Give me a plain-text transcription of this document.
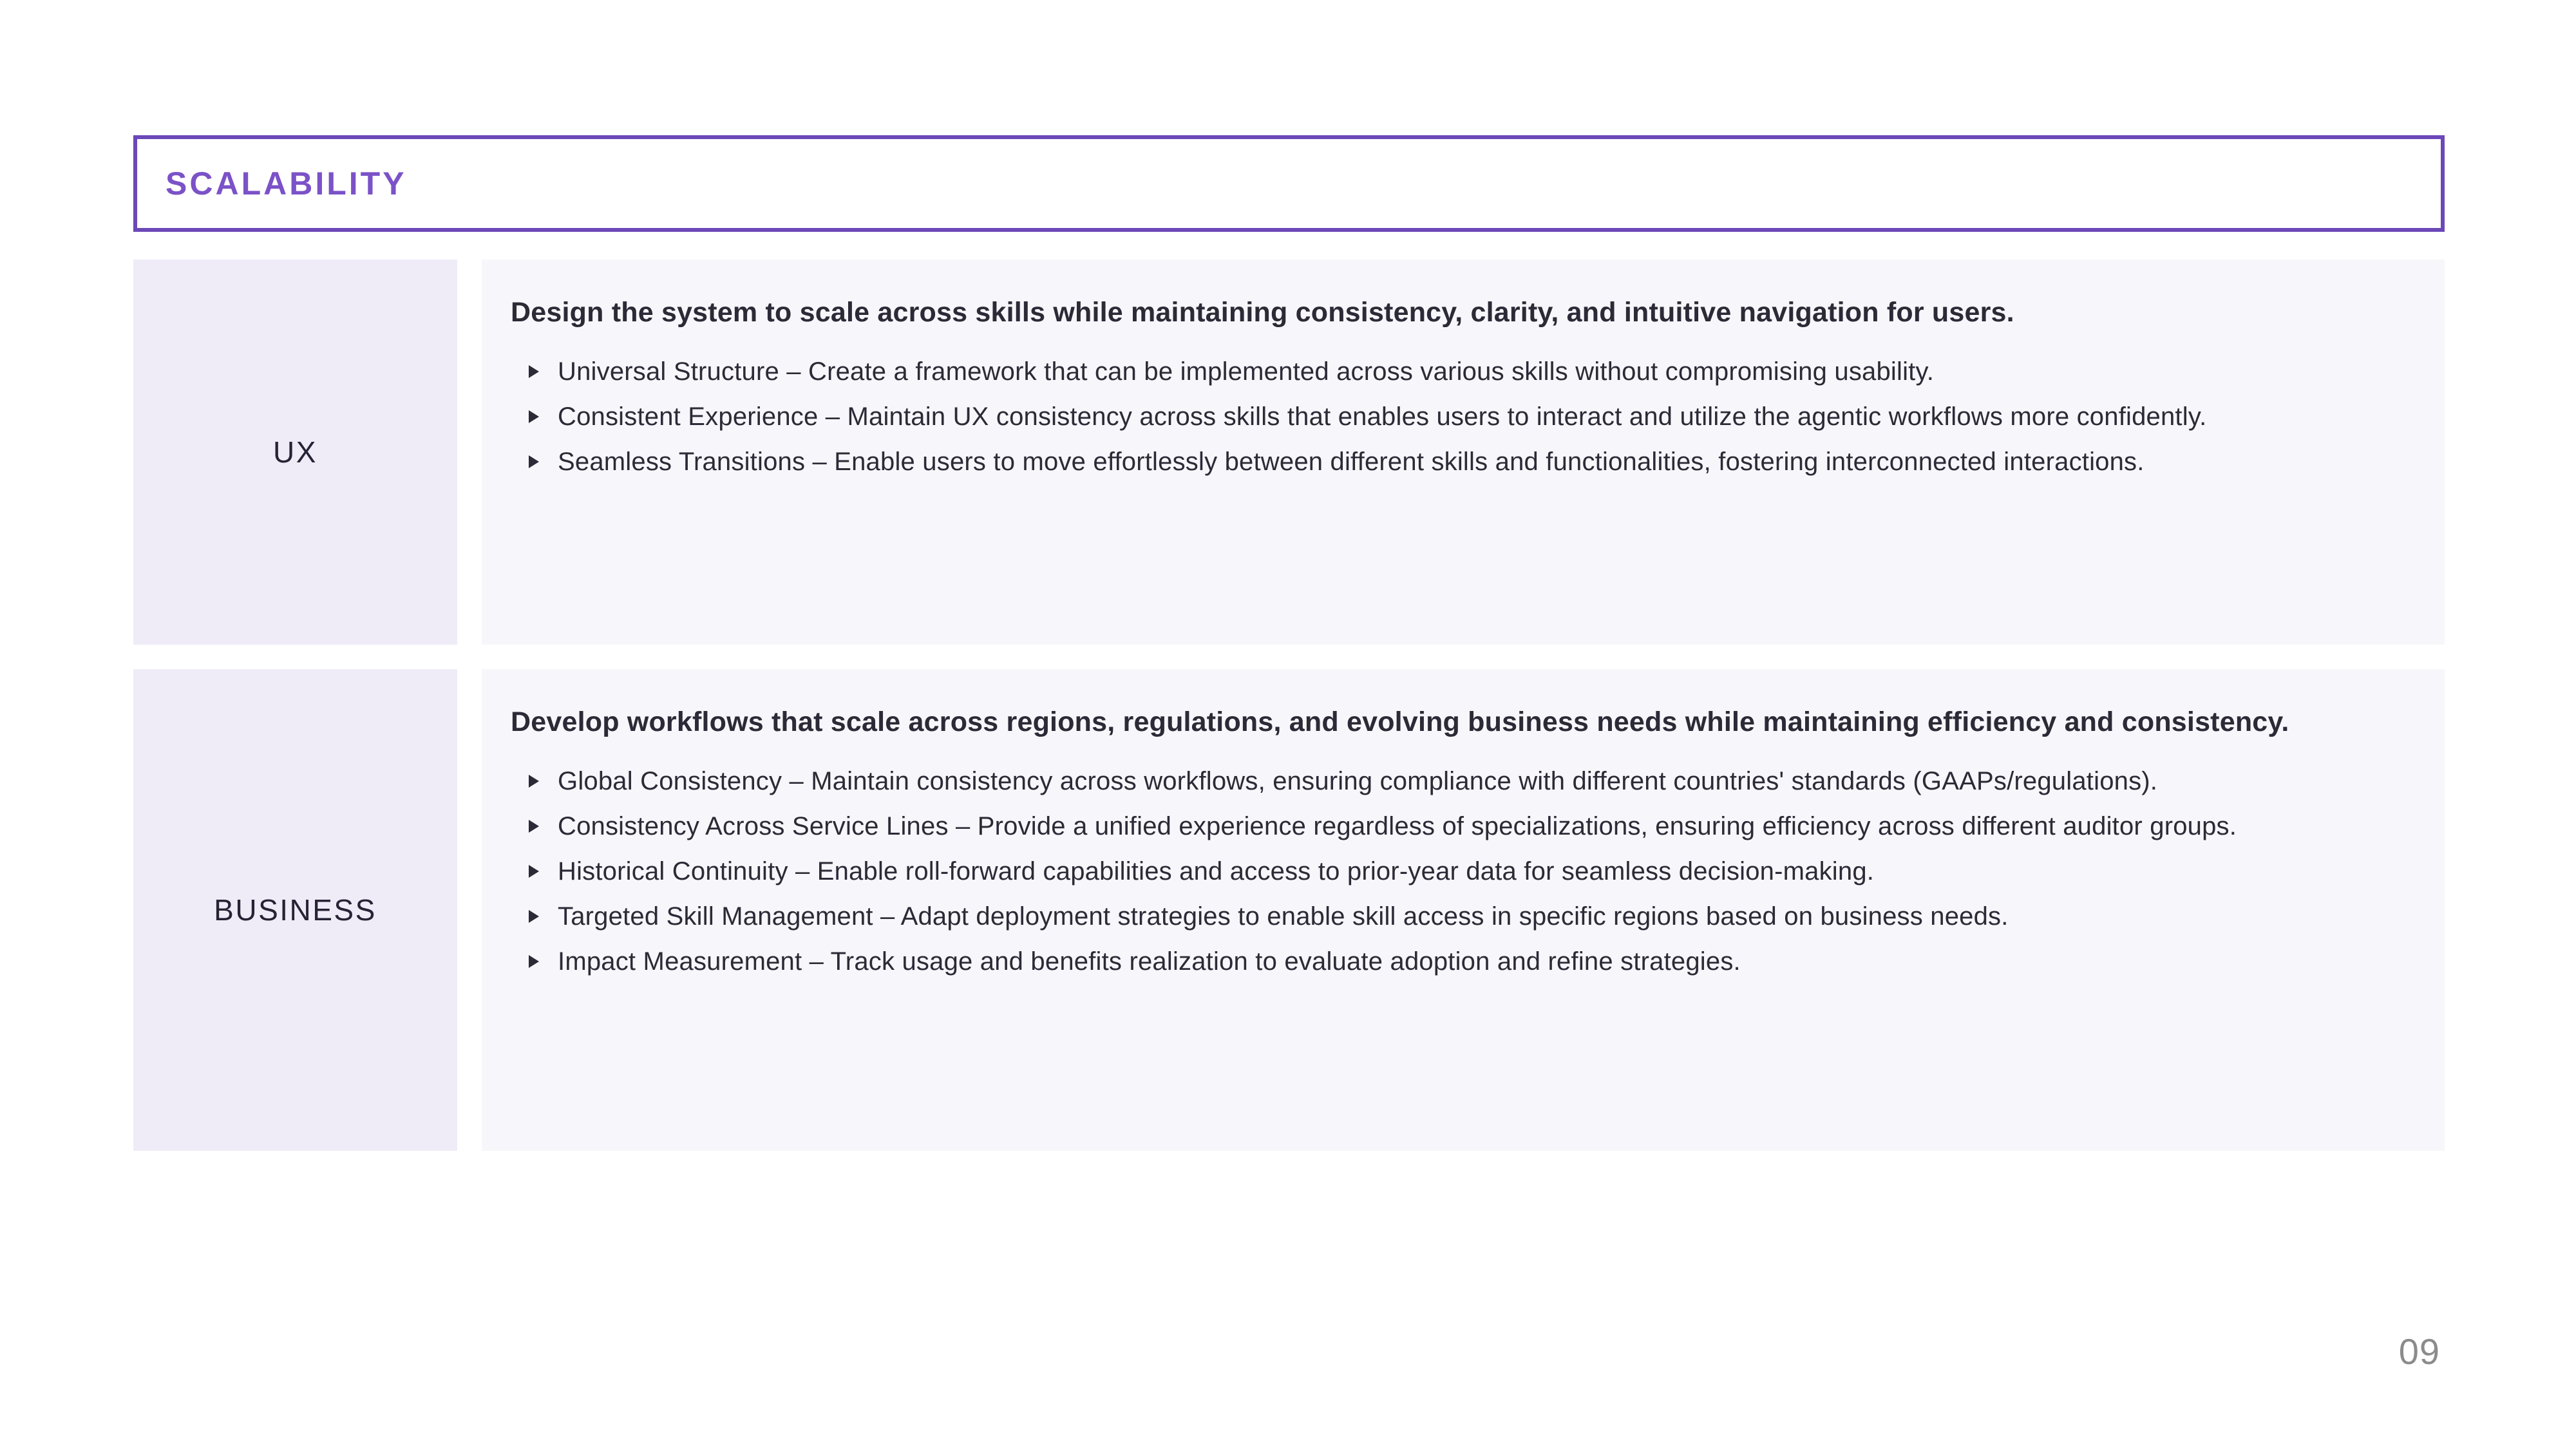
SCALABILITY
UX
Design the system to scale across skills while maintaining consistency, clarity, and intuitive navigation for users.
Universal Structure – Create a framework that can be implemented across various skills without compromising usability.
Consistent Experience – Maintain UX consistency across skills that enables users to interact and utilize the agentic workflows more confidently.
Seamless Transitions – Enable users to move effortlessly between different skills and functionalities, fostering interconnected interactions.
BUSINESS
Develop workflows that scale across regions, regulations, and evolving business needs while maintaining efficiency and consistency.
Global Consistency – Maintain consistency across workflows, ensuring compliance with different countries' standards (GAAPs/regulations).
Consistency Across Service Lines – Provide a unified experience regardless of specializations, ensuring efficiency across different auditor groups.
Historical Continuity – Enable roll-forward capabilities and access to prior-year data for seamless decision-making.
Targeted Skill Management – Adapt deployment strategies to enable skill access in specific regions based on business needs.
Impact Measurement – Track usage and benefits realization to evaluate adoption and refine strategies.
09
